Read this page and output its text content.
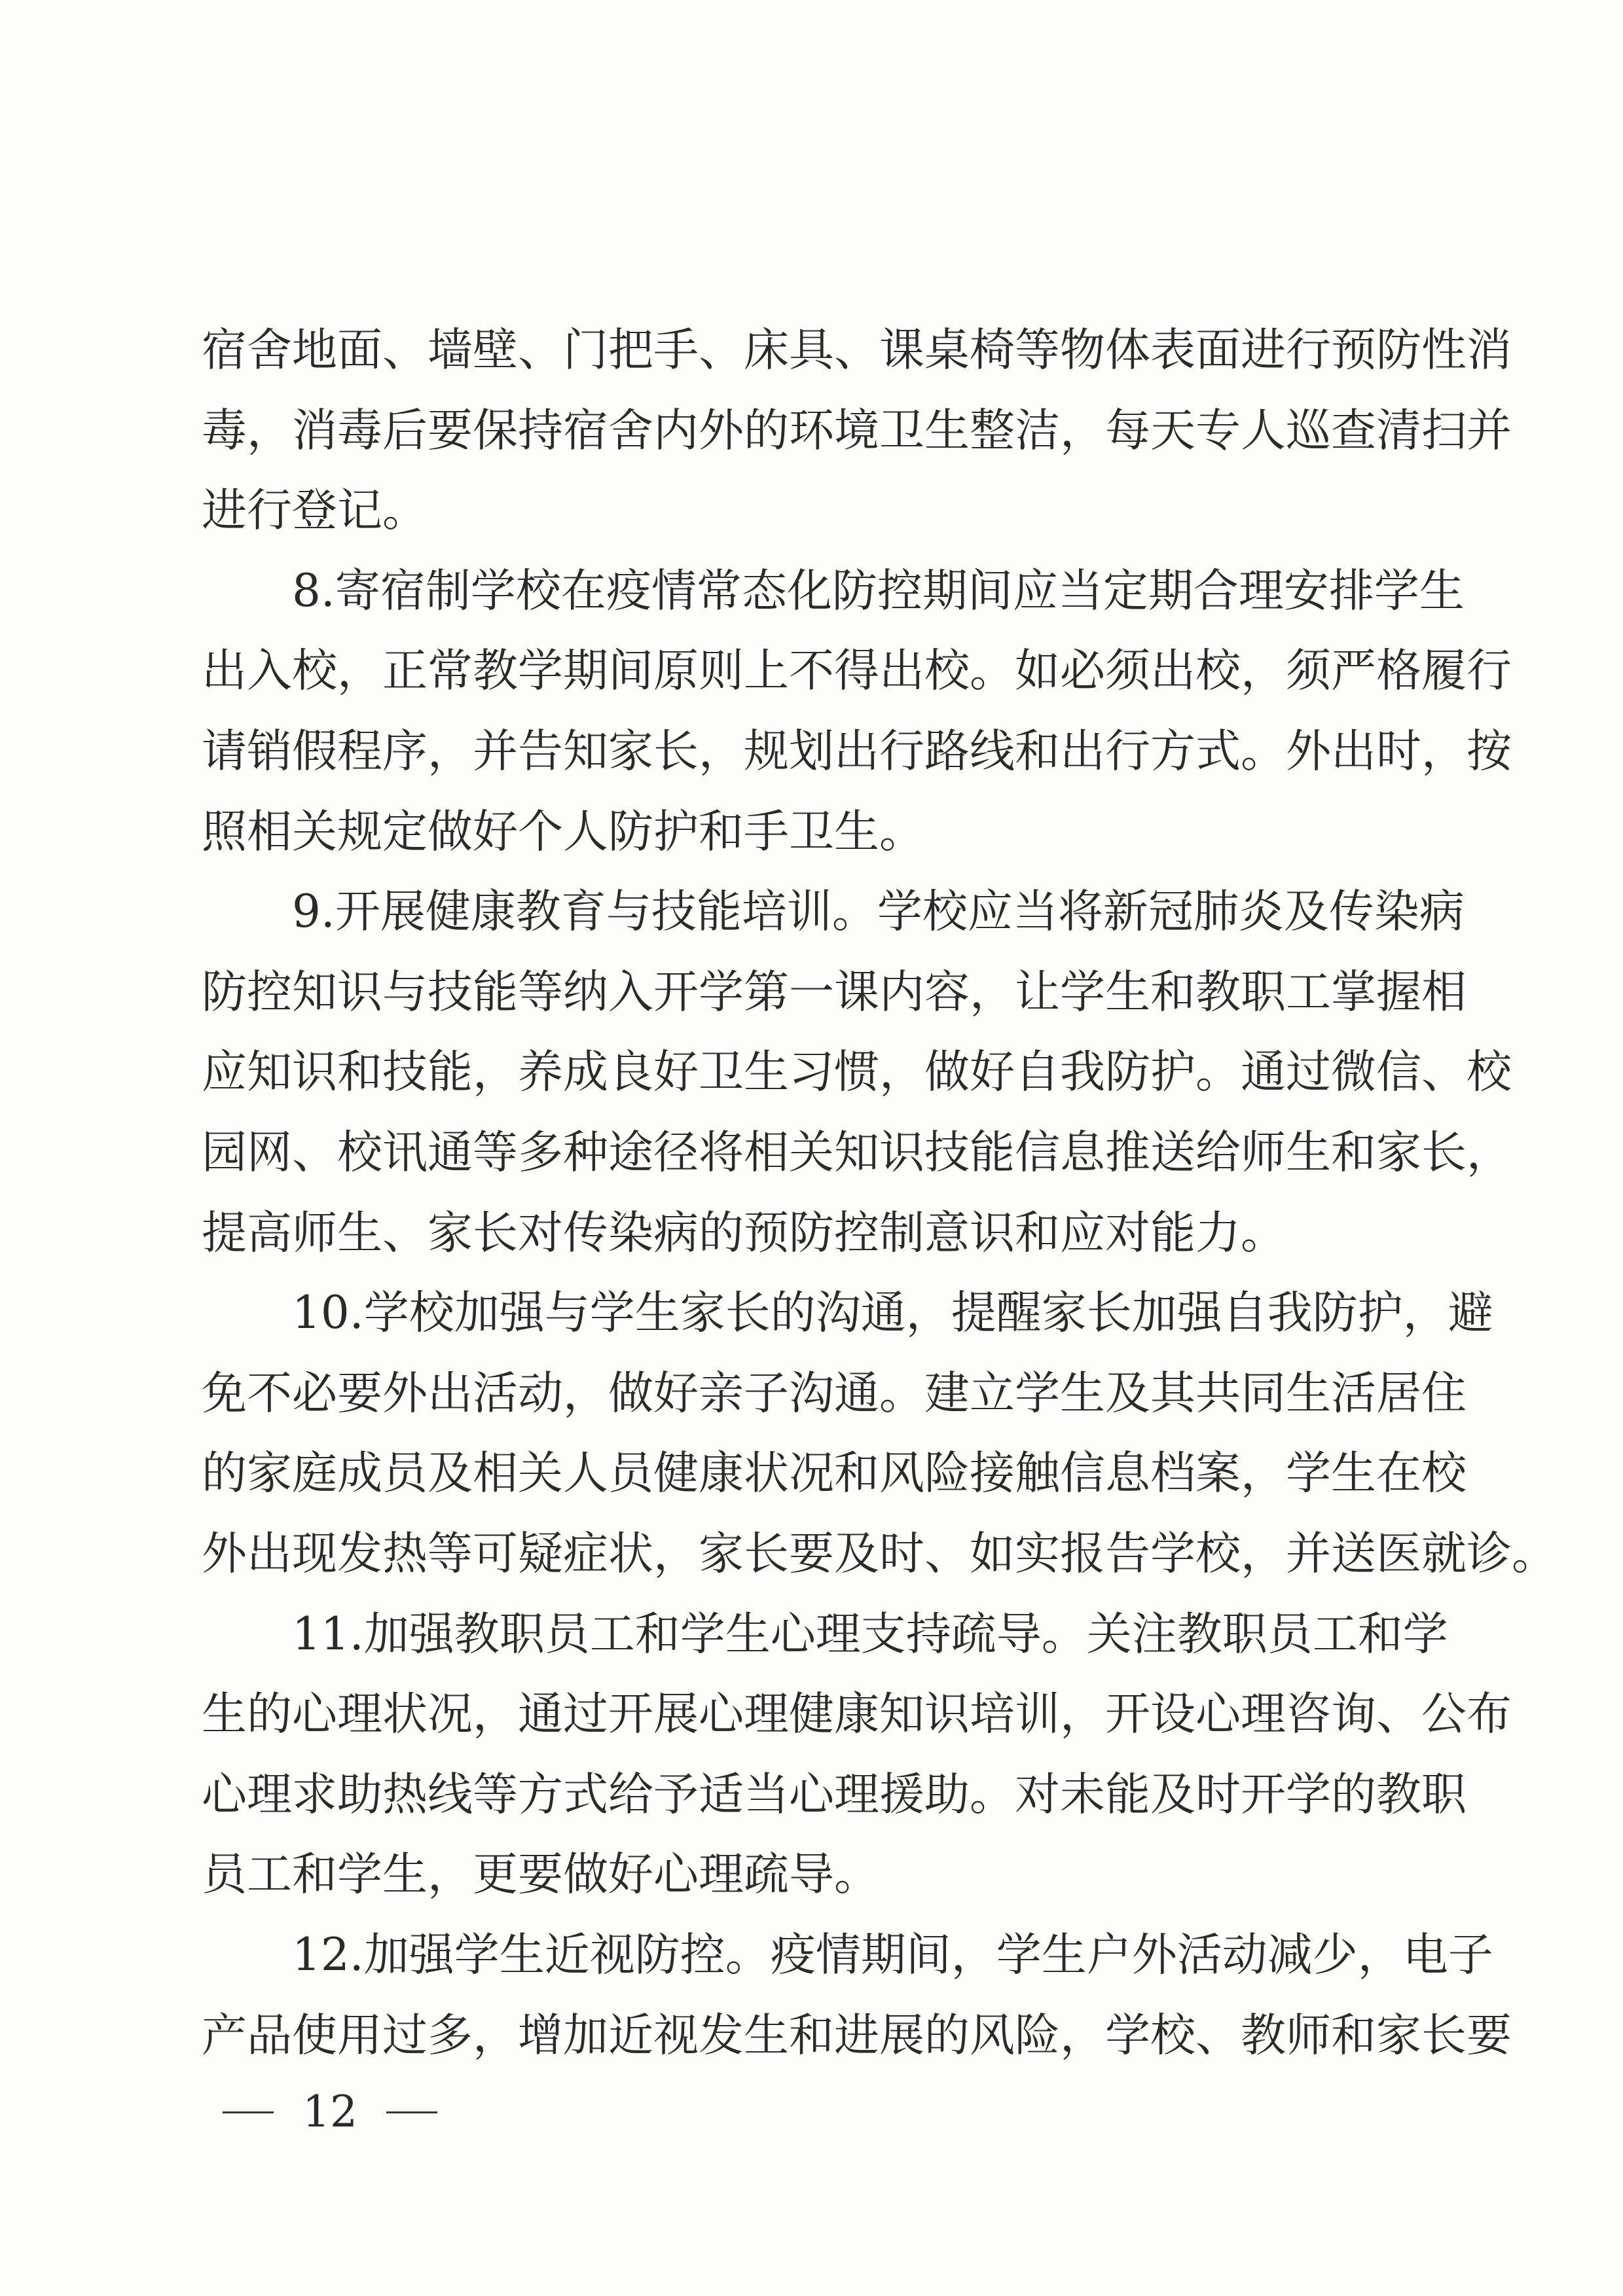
宿 舍 地 面 、 墙 壁 、 门 把 手 、 床 具 、 课 桌 椅 等 物 体 表 面 进 行 预 防 性 消
毒 ， 消 毒 后 要 保 持 宿 舍 内 外 的 环 境 卫 生 整 洁 ， 每 天 专 人 巡 查 清 扫 并
进行登记。
8. 寄 宿 制 学 校 在 疫 情 常 态 化 防 控 期 间 应 当 定 期 合 理 安 排 学 生
出 入 校 ， 正 常 教 学 期 间 原 则 上 不 得 出 校 。 如 必 须 出 校 ， 须 严 格 履 行
请 销 假 程 序 ， 并 告 知 家 长 ， 规 划 出 行 路 线 和 出 行 方 式 。 外 出 时 ， 按
照相关规定做好个人防护和手卫生。
9. 开 展 健 康 教 育 与 技 能 培 训 。 学 校 应 当 将 新 冠 肺 炎 及 传 染 病
防 控 知 识 与 技 能 等 纳 入 开 学 第 一 课 内 容 ， 让 学 生 和 教 职 工 掌 握 相
应 知 识 和 技 能 ， 养 成 良 好 卫 生 习 惯 ， 做 好 自 我 防 护 。 通 过 微 信 、 校
园 网 、 校 讯 通 等 多 种 途 径 将 相 关 知 识 技 能 信 息 推 送 给 师 生 和 家 长 ，
提高师生、家长对传染病的预防控制意识和应对能力。
10. 学 校 加 强 与 学 生 家 长 的 沟 通 ， 提 醒 家 长 加 强 自 我 防 护 ， 避
免 不 必 要 外 出 活 动 ， 做 好 亲 子 沟 通 。 建 立 学 生 及 其 共 同 生 活 居 住
的 家 庭 成 员 及 相 关 人 员 健 康 状 况 和 风 险 接 触 信 息 档 案 ， 学 生 在 校
外 出 现 发 热 等 可 疑 症 状 ， 家 长 要 及 时 、 如 实 报 告 学 校 ， 并 送 医 就 诊 。
11. 加 强 教 职 员 工 和 学 生 心 理 支 持 疏 导 。 关 注 教 职 员 工 和 学
生 的 心 理 状 况 ， 通 过 开 展 心 理 健 康 知 识 培 训 ， 开 设 心 理 咨 询 、 公 布
心 理 求 助 热 线 等 方 式 给 予 适 当 心 理 援 助 。 对 未 能 及 时 开 学 的 教 职
员工和学生，更要做好心理疏导。
12. 加 强 学 生 近 视 防 控 。 疫 情 期 间 ， 学 生 户 外 活 动 减 少 ， 电 子
产 品 使 用 过 多 ， 增 加 近 视 发 生 和 进 展 的 风 险 ， 学 校 、 教 师 和 家 长 要
12
